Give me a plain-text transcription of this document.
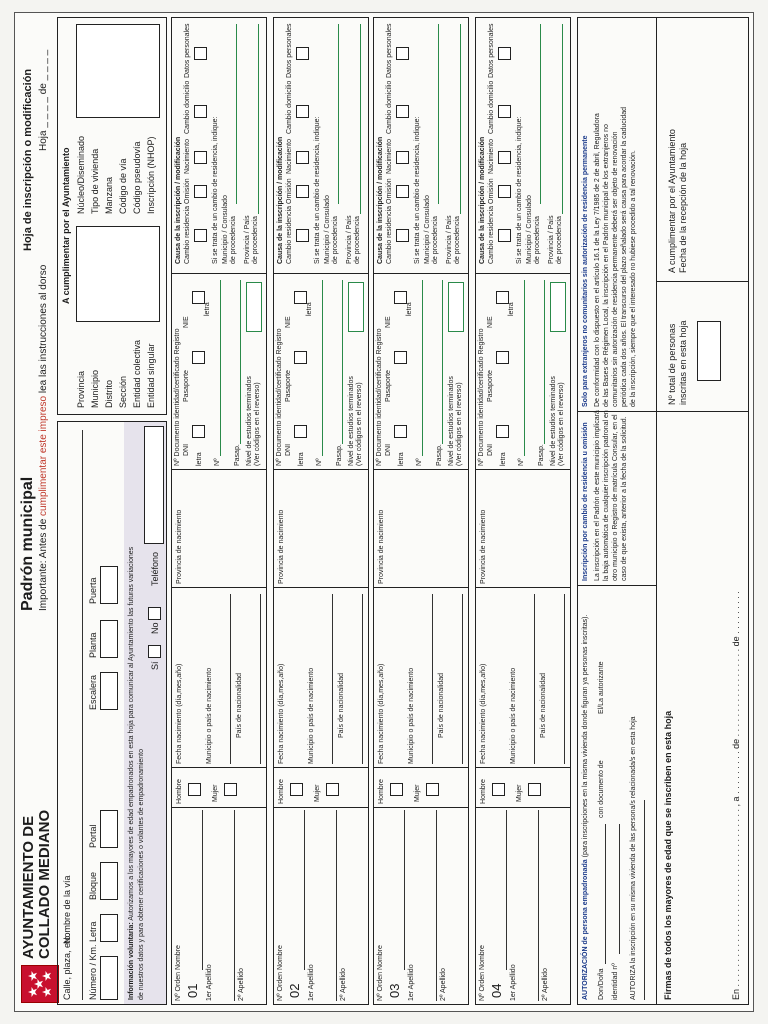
AYUNTAMIENTO DE COLLADO MEDIANO
Padrón municipal Importante: Antes de cumplimentar este impreso lea las instrucciones al dorso
Hoja de inscripción o modificación Hoja _ _ _ _ de _ _ _ _
Calle, plaza, etc.
Nombre de la vía
Número / Km.
Letra
Bloque
Portal
Escalera
Planta
Puerta
Información voluntaria: Autorizamos a los mayores de edad empadronados en esta hoja para comunicar al Ayuntamiento las futuras variaciones de nuestros datos y para obtener certificaciones o volantes de empadronamiento
Sí
No
Teléfono
A cumplimentar por el Ayuntamiento
Provincia Municipio Distrito Sección Entidad colectiva Entidad singular
Núcleo/Diseminado Tipo de vivienda Manzana Código de vía Código pseudovía Inscripción (NHOP)
Nº Orden 01
Nombre
1er Apellido	2º Apellido
Hombre	Mujer
Fecha nacimiento (día,mes,año)	Municipio o país de nacimiento	País de nacionalidad
Provincia de nacimiento
Nº Documento identidad/certificado Registro DNI
Pasaporte
NIE
letra
letra
Nº Pasap. Nivel de estudios terminados (Ver códigos en el reverso)
Causa de la inscripción / modificación Cambio residencia
Omisión
Nacimiento
Cambio domicilio
Datos personales
Si se trata de un cambio de residencia, indique: Municipio / Consulado de procedencia Provincia / País de procedencia
Nº Orden 02
Nombre
1er Apellido	2º Apellido
Hombre	Mujer
Fecha nacimiento (día,mes,año)	Municipio o país de nacimiento	País de nacionalidad
Provincia de nacimiento
Nº Documento identidad/certificado Registro DNI
Pasaporte
NIE
letra
letra
Nº Pasap. Nivel de estudios terminados (Ver códigos en el reverso)
Causa de la inscripción / modificación Cambio residencia
Omisión
Nacimiento
Cambio domicilio
Datos personales
Si se trata de un cambio de residencia, indique: Municipio / Consulado de procedencia Provincia / País de procedencia
Nº Orden 03
Nombre
1er Apellido	2º Apellido
Hombre	Mujer
Fecha nacimiento (día,mes,año)	Municipio o país de nacimiento	País de nacionalidad
Provincia de nacimiento
Nº Documento identidad/certificado Registro DNI
Pasaporte
NIE
letra
letra
Nº Pasap. Nivel de estudios terminados (Ver códigos en el reverso)
Causa de la inscripción / modificación Cambio residencia
Omisión
Nacimiento
Cambio domicilio
Datos personales
Si se trata de un cambio de residencia, indique: Municipio / Consulado de procedencia Provincia / País de procedencia
Nº Orden 04
Nombre
1er Apellido	2º Apellido
Hombre	Mujer
Fecha nacimiento (día,mes,año)	Municipio o país de nacimiento	País de nacionalidad
Provincia de nacimiento
Nº Documento identidad/certificado Registro DNI
Pasaporte
NIE
letra
letra
Nº Pasap. Nivel de estudios terminados (Ver códigos en el reverso)
Causa de la inscripción / modificación Cambio residencia
Omisión
Nacimiento
Cambio domicilio
Datos personales
Si se trata de un cambio de residencia, indique: Municipio / Consulado de procedencia Provincia / País de procedencia
AUTORIZACIÓN de persona empadronada (para inscripciones en la misma vivienda donde figuran ya personas inscritas).
Don/Doña
con documento de
identidad nº
El/La autorizante
AUTORIZA la inscripción en su misma vivienda de las persona/s relacionada/s en esta hoja
Inscripción por cambio de residencia u omisión La inscripción en el Padrón de este municipio implicará la baja automática de cualquier inscripción padronal en otro municipio o Registro de matrícula Consular, en el caso de que exista, anterior a la fecha de la solicitud.
Solo para extranjeros no comunitarios sin autorización de residencia permanente De conformidad con lo dispuesto en el artículo 16.1 de la Ley 7/1985 de 2 de abril, Reguladora de las Bases de Régimen Local, la inscripción en el Padrón municipal de los extranjeros no comunitarios sin autorización de residencia permanente deberá ser objeto de renovación periódica cada dos años. El transcurso del plazo señalado será causa para acordar la caducidad de la inscripción, siempre que el interesado no hubiese procedido a tal renovación.
Firmas de todos los mayores de edad que se inscriben en esta hoja	En . . . . . . . . . . . . . . . . . . . . . . . . . . . . . . . . . . . . , a . . . . . . . . . de . . . . . . . . . . . . . . . . . . de . . . . . . . . .
Nº total de personas inscritas en esta hoja
A cumplimentar por el Ayuntamiento Fecha de la recepción de la hoja
